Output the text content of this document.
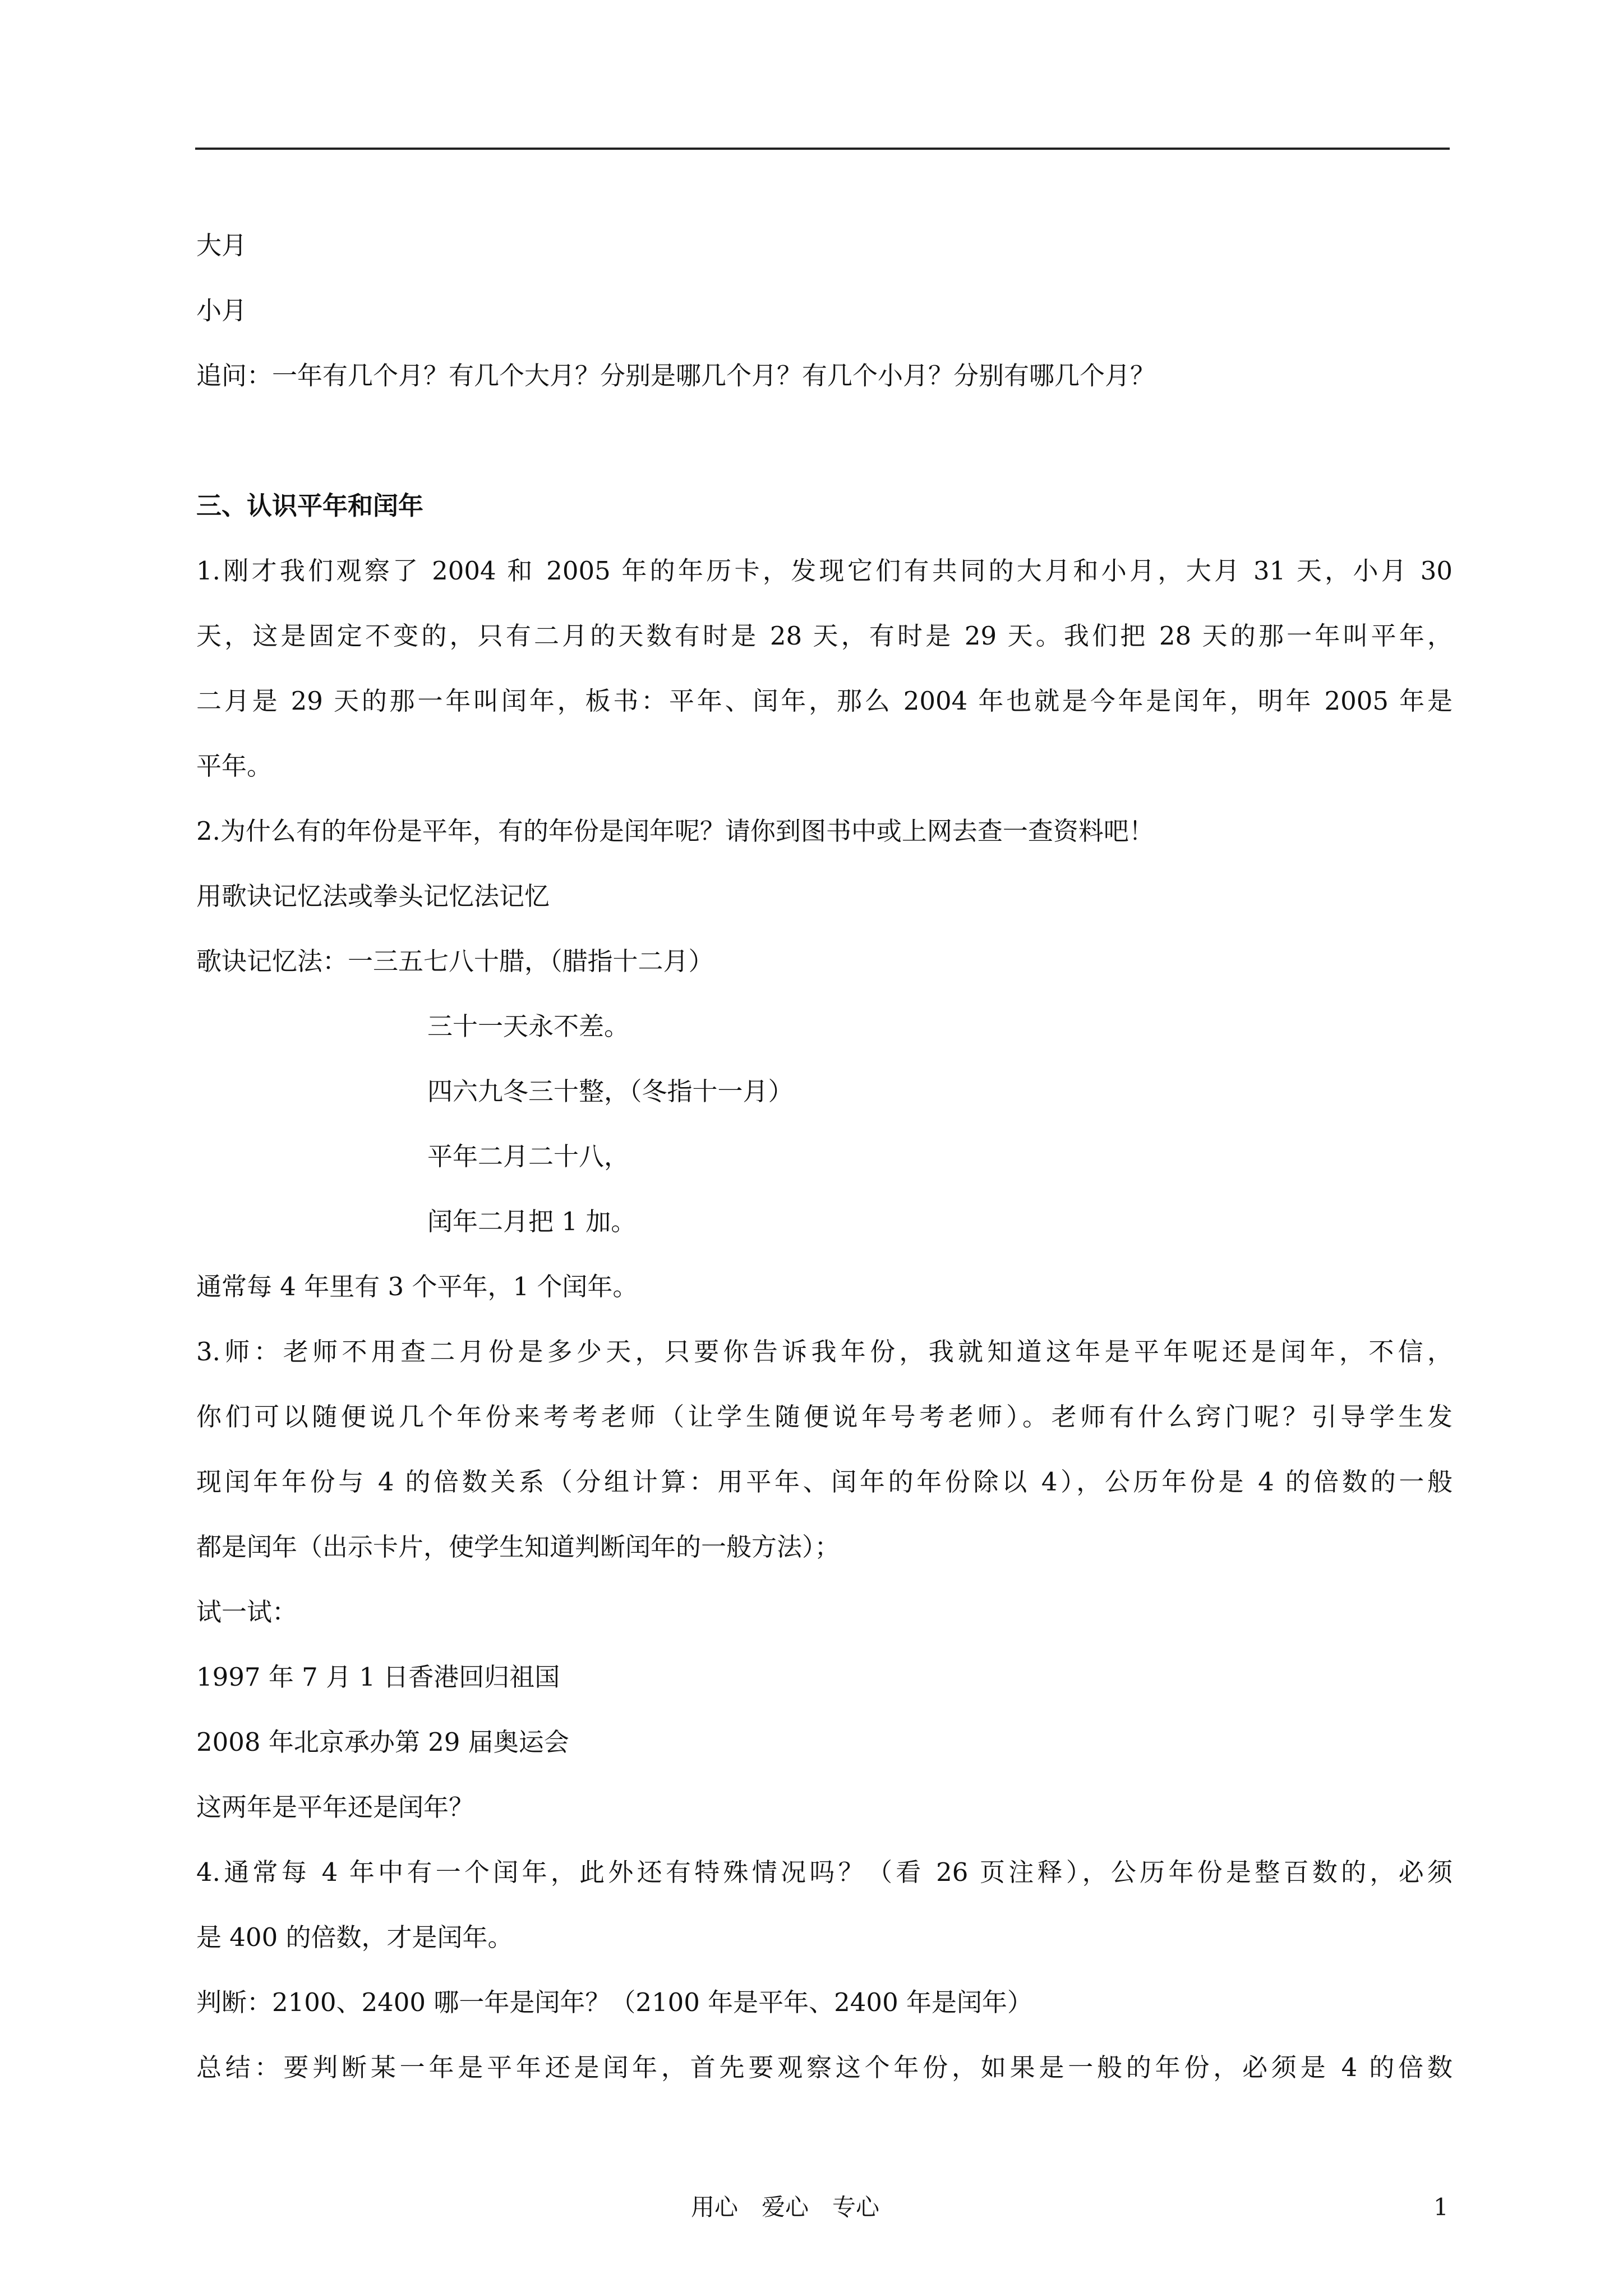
大月
小月
追问：一年有几个月？有几个大月？分别是哪几个月？有几个小月？分别有哪几个月？
三、认识平年和闰年
1.刚才我们观察了 2004 和 2005 年的年历卡，发现它们有共同的大月和小月，大月 31 天，小月 30
天，这是固定不变的，只有二月的天数有时是 28 天，有时是 29 天。我们把 28 天的那一年叫平年，
二月是 29 天的那一年叫闰年，板书：平年、闰年，那么 2004 年也就是今年是闰年，明年 2005 年是
平年。
2.为什么有的年份是平年，有的年份是闰年呢？请你到图书中或上网去查一查资料吧！
用歌诀记忆法或拳头记忆法记忆
歌诀记忆法：一三五七八十腊，（腊指十二月）
三十一天永不差。
四六九冬三十整，（冬指十一月）
平年二月二十八，
闰年二月把 1 加。
通常每 4 年里有 3 个平年，1 个闰年。
3.师：老师不用查二月份是多少天，只要你告诉我年份，我就知道这年是平年呢还是闰年，不信，
你们可以随便说几个年份来考考老师（让学生随便说年号考老师）。老师有什么窍门呢？引导学生发
现闰年年份与 4 的倍数关系（分组计算：用平年、闰年的年份除以 4），公历年份是 4 的倍数的一般
都是闰年（出示卡片，使学生知道判断闰年的一般方法）；
试一试：
1997 年 7 月 1 日香港回归祖国
2008 年北京承办第 29 届奥运会
这两年是平年还是闰年？
4.通常每 4 年中有一个闰年，此外还有特殊情况吗？（看 26 页注释），公历年份是整百数的，必须
是 400 的倍数，才是闰年。
判断：2100、2400 哪一年是闰年？（2100 年是平年、2400 年是闰年）
总结：要判断某一年是平年还是闰年，首先要观察这个年份，如果是一般的年份，必须是 4 的倍数
用心　爱心　专心	1
